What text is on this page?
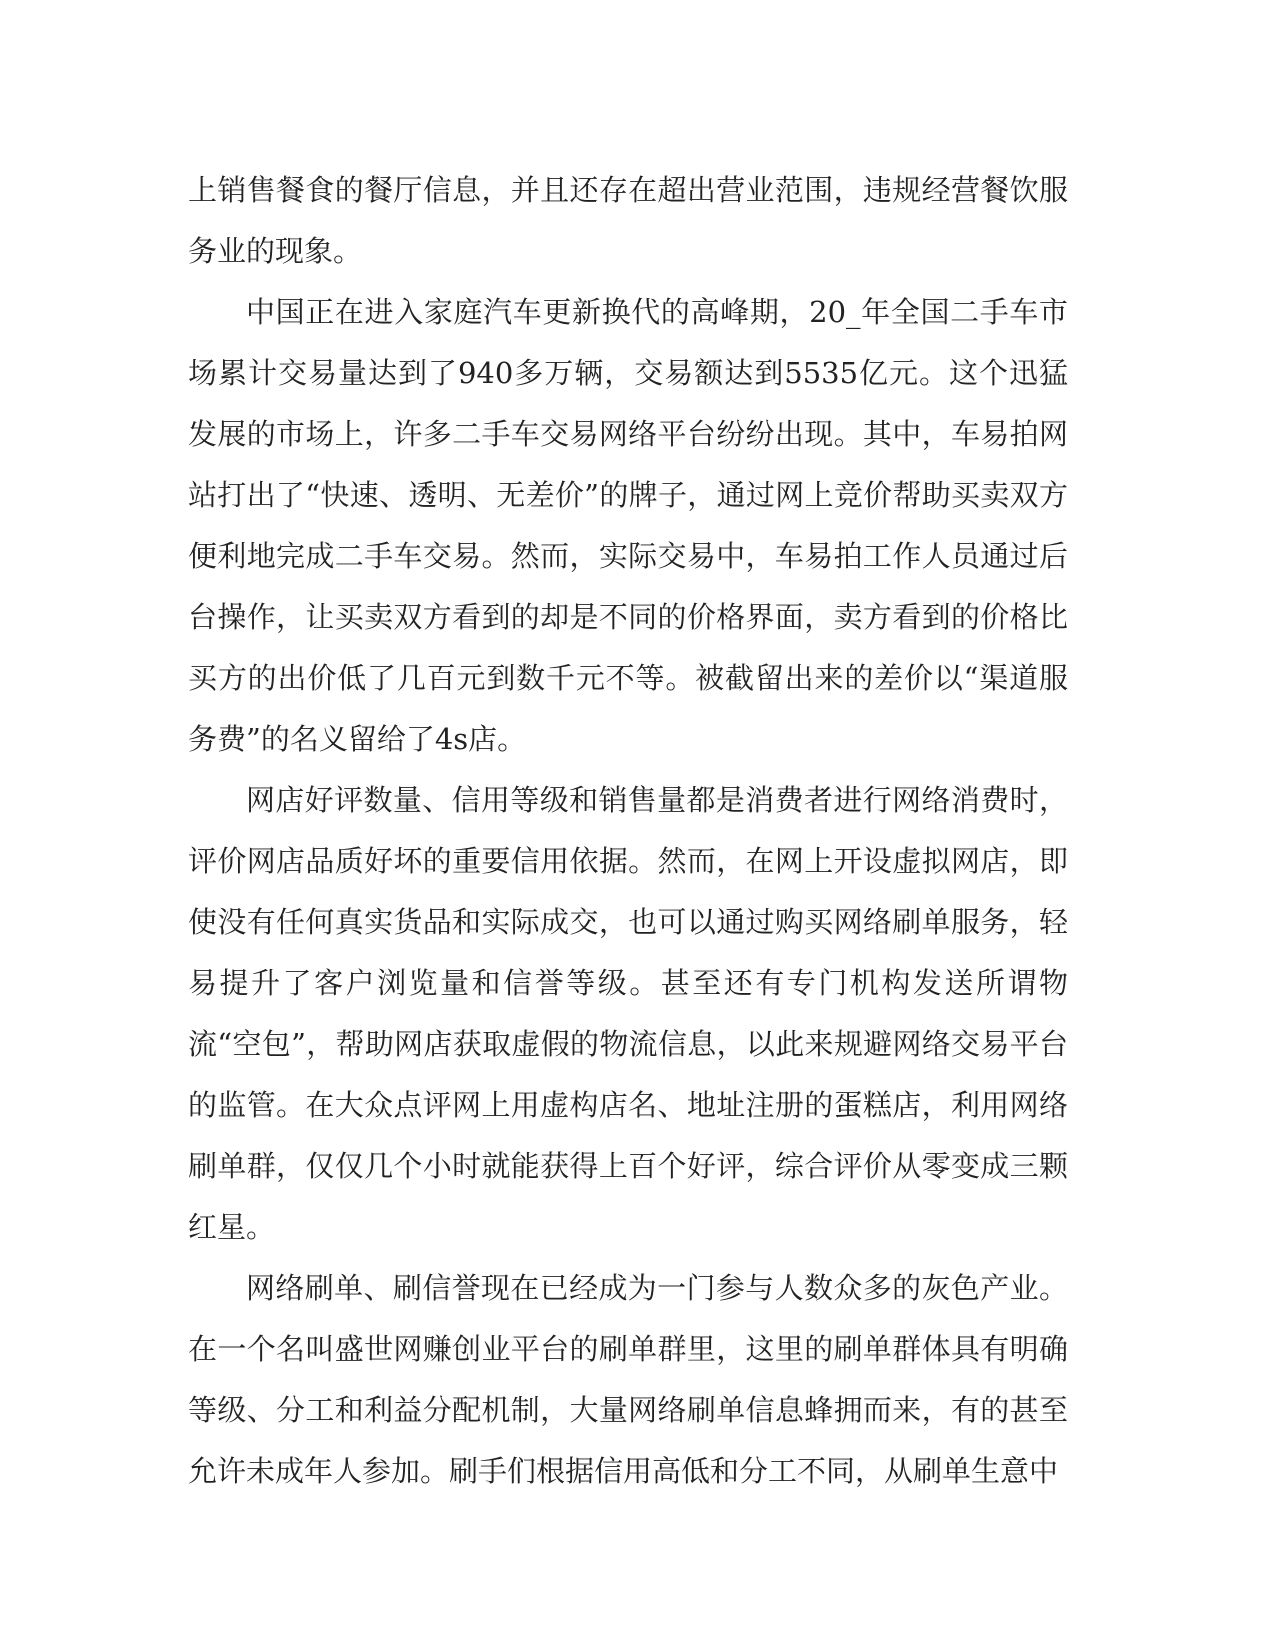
上销售餐食的餐厅信息，并且还存在超出营业范围，违规经营餐饮服务业的现象。

中国正在进入家庭汽车更新换代的高峰期，20_年全国二手车市场累计交易量达到了940多万辆，交易额达到5535亿元。这个迅猛发展的市场上，许多二手车交易网络平台纷纷出现。其中，车易拍网站打出了“快速、透明、无差价”的牌子，通过网上竞价帮助买卖双方便利地完成二手车交易。然而，实际交易中，车易拍工作人员通过后台操作，让买卖双方看到的却是不同的价格界面，卖方看到的价格比买方的出价低了几百元到数千元不等。被截留出来的差价以“渠道服务费”的名义留给了4s店。

网店好评数量、信用等级和销售量都是消费者进行网络消费时，评价网店品质好坏的重要信用依据。然而，在网上开设虚拟网店，即使没有任何真实货品和实际成交，也可以通过购买网络刷单服务，轻易提升了客户浏览量和信誉等级。甚至还有专门机构发送所谓物流“空包”，帮助网店获取虚假的物流信息，以此来规避网络交易平台的监管。在大众点评网上用虚构店名、地址注册的蛋糕店，利用网络刷单群，仅仅几个小时就能获得上百个好评，综合评价从零变成三颗红星。

网络刷单、刷信誉现在已经成为一门参与人数众多的灰色产业。在一个名叫盛世网赚创业平台的刷单群里，这里的刷单群体具有明确等级、分工和利益分配机制，大量网络刷单信息蜂拥而来，有的甚至允许未成年人参加。刷手们根据信用高低和分工不同，从刷单生意中
